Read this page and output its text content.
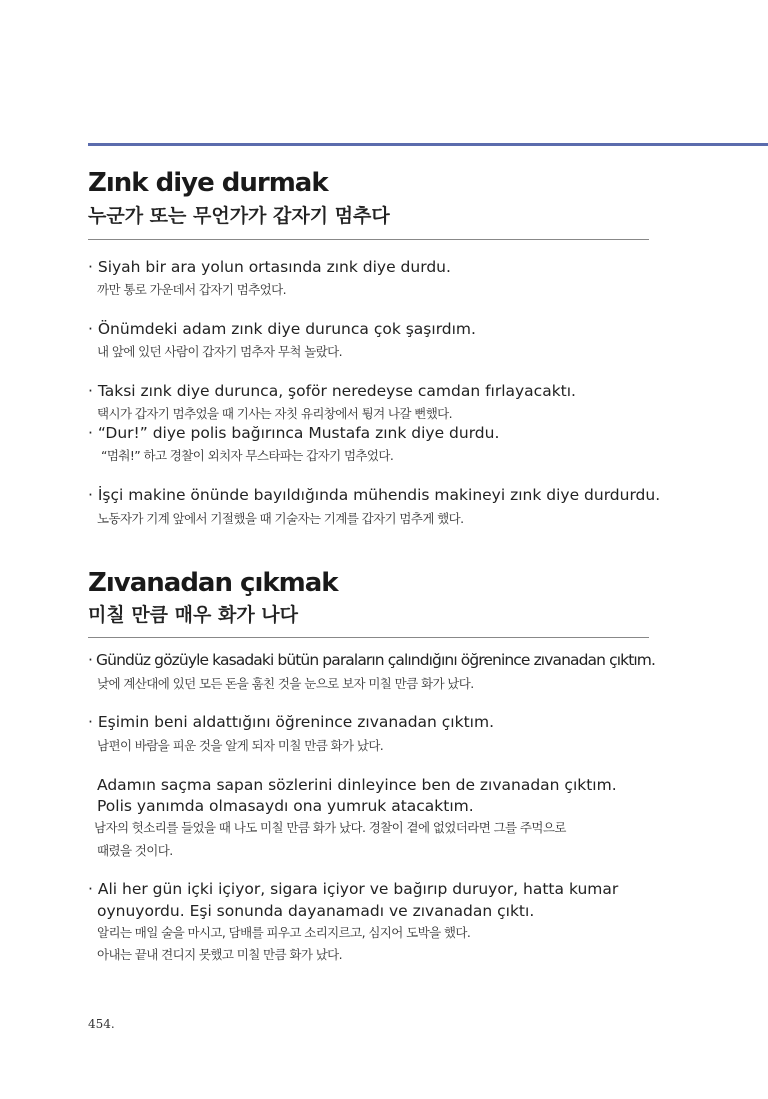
Zınk diye durmak
누군가 또는 무언가가 갑자기 멈추다
· Siyah bir ara yolun ortasında zınk diye durdu.
까만 통로 가운데서 갑자기 멈추었다.
· Önümdeki adam zınk diye durunca çok şaşırdım.
내 앞에 있던 사람이 갑자기 멈추자 무척 놀랐다.
· Taksi zınk diye durunca, şoför neredeyse camdan fırlayacaktı.
택시가 갑자기 멈추었을 때 기사는 자칫 유리창에서 튕겨 나갈 뻔했다.
· “Dur!” diye polis bağırınca Mustafa zınk diye durdu.
“멈춰!” 하고 경찰이 외치자 무스타파는 갑자기 멈추었다.
· İşçi makine önünde bayıldığında mühendis makineyi zınk diye durdurdu.
노동자가 기계 앞에서 기절했을 때 기술자는 기계를 갑자기 멈추게 했다.
Zıvanadan çıkmak
미칠 만큼 매우 화가 나다
· Gündüz gözüyle kasadaki bütün paraların çalındığını öğrenince zıvanadan çıktım.
낮에 계산대에 있던 모든 돈을 훔친 것을 눈으로 보자 미칠 만큼 화가 났다.
· Eşimin beni aldattığını öğrenince zıvanadan çıktım.
남편이 바람을 피운 것을 알게 되자 미칠 만큼 화가 났다.
Adamın saçma sapan sözlerini dinleyince ben de zıvanadan çıktım.
Polis yanımda olmasaydı ona yumruk atacaktım.
남자의 헛소리를 들었을 때 나도 미칠 만큼 화가 났다. 경찰이 곁에 없었더라면 그를 주먹으로
때렸을 것이다.
· Ali her gün içki içiyor, sigara içiyor ve bağırıp duruyor, hatta kumar
oynuyordu. Eşi sonunda dayanamadı ve zıvanadan çıktı.
알리는 매일 술을 마시고, 담배를 피우고 소리지르고, 심지어 도박을 했다.
아내는 끝내 견디지 못했고 미칠 만큼 화가 났다.
454.
